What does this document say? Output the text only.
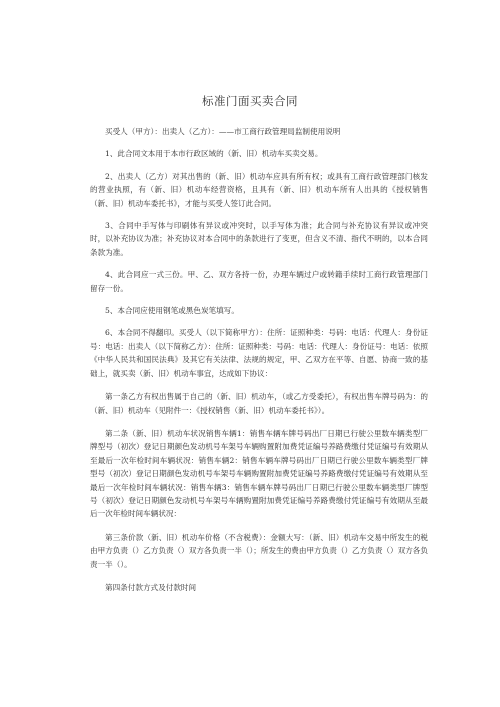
标准门面买卖合同

买受人（甲方）：出卖人（乙方）：——市工商行政管理局监制使用说明

1、此合同文本用于本市行政区域的（新、旧）机动车买卖交易。

2、出卖人（乙方）对其出售的（新、旧）机动车应具有所有权；或具有工商行政管理部门核发的营业执照，有（新、旧）机动车经营资格，且具有（新、旧）机动车所有人出具的《授权销售（新、旧）机动车委托书》，才能与买受人签订此合同。

3、合同中手写体与印刷体有异议或冲突时，以手写体为准；此合同与补充协议有异议或冲突时，以补充协议为准；补充协议对本合同中的条款进行了变更，但含义不清、指代不明的，以本合同条款为准。

4、此合同应一式三份。甲、乙、双方各持一份，办理车辆过户或转籍手续时工商行政管理部门留存一份。

5、本合同应使用钢笔或黑色炭笔填写。

6、本合同不得翻印。买受人（以下简称甲方）：住所：证照种类：号码：电话：代理人：身份证号：电话：出卖人（以下简称乙方）：住所：证照种类：号码：电话：代理人：身份证号：电话：依照《中华人民共和国民法典》及其它有关法律、法规的规定，甲、乙双方在平等、自愿、协商一致的基础上，就买卖（新、旧）机动车事宜，达成如下协议：

第一条乙方有权出售属于自己的（新、旧）机动车，（或乙方受委托），有权出售车牌号码为：的（新、旧）机动车（见附件一：《授权销售（新、旧）机动车委托书》）。

第二条（新、旧）机动车状况销售车辆1：销售车辆车牌号码出厂日期已行驶公里数车辆类型厂牌型号（初次）登记日期颜色发动机号车架号车辆购置附加费凭证编号养路费缴付凭证编号有效期从至最后一次年检时间车辆状况：销售车辆2：销售车辆车牌号码出厂日期已行驶公里数车辆类型厂牌型号（初次）登记日期颜色发动机号车架号车辆购置附加费凭证编号养路费缴付凭证编号有效期从至最后一次年检时间车辆状况：销售车辆3：销售车辆车牌号码出厂日期已行驶公里数车辆类型厂牌型号（初次）登记日期颜色发动机号车架号车辆购置附加费凭证编号养路费缴付凭证编号有效期从至最后一次年检时间车辆状况：

第三条价款（新、旧）机动车价格（不含税费）：金额大写：（新、旧）机动车交易中所发生的税由甲方负责（）乙方负责（）双方各负责一半（）；所发生的费由甲方负责（）乙方负责（）双方各负责一半（）。

第四条付款方式及付款时间
